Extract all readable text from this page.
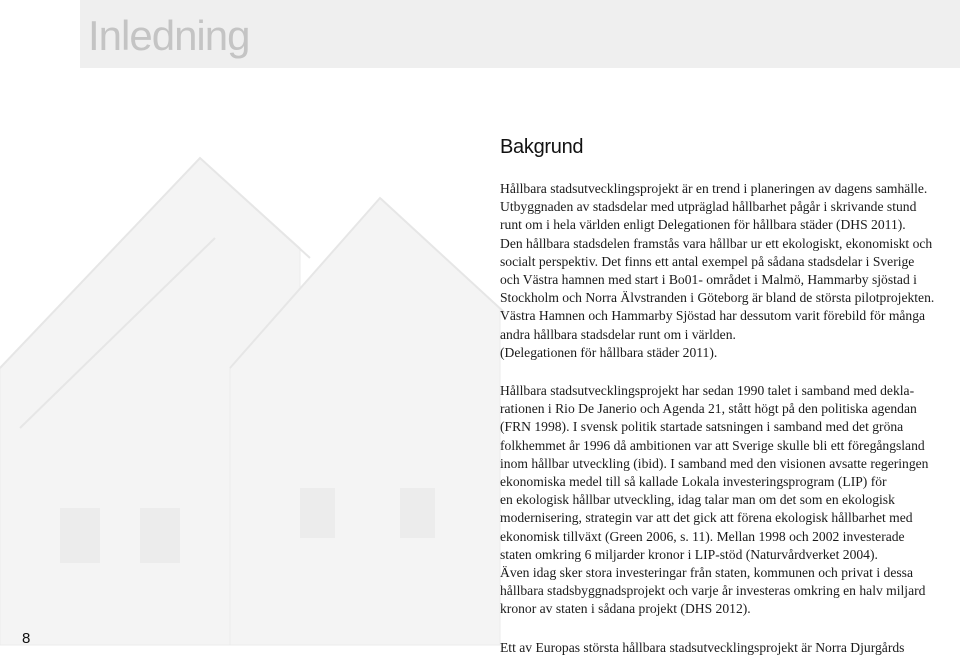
Inledning
Bakgrund

Hållbara stadsutvecklingsprojekt är en trend i planeringen av dagens samhälle.
Utbyggnaden av stadsdelar med utpräglad hållbarhet pågår i skrivande stund
runt om i hela världen enligt Delegationen för hållbara städer (DHS 2011).
Den hållbara stadsdelen framstås vara hållbar ur ett ekologiskt, ekonomiskt och
socialt perspektiv. Det finns ett antal exempel på sådana stadsdelar i Sverige
och Västra hamnen med start i Bo01- området i Malmö, Hammarby sjöstad i
Stockholm och Norra Älvstranden i Göteborg är bland de största pilotprojekten.
Västra Hamnen och Hammarby Sjöstad har dessutom varit förebild för många
andra hållbara stadsdelar runt om i världen.
(Delegationen för hållbara städer 2011).

Hållbara stadsutvecklingsprojekt har sedan 1990 talet i samband med dekla-
rationen i Rio De Janerio och Agenda 21, stått högt på den politiska agendan
(FRN 1998). I svensk politik startade satsningen i samband med det gröna
folkhemmet år 1996 då ambitionen var att Sverige skulle bli ett föregångsland
inom hållbar utveckling (ibid). I samband med den visionen avsatte regeringen
ekonomiska medel till så kallade Lokala investeringsprogram (LIP) för
en ekologisk hållbar utveckling, idag talar man om det som en ekologisk
modernisering, strategin var att det gick att förena ekologisk hållbarhet med
ekonomisk tillväxt (Green 2006, s. 11). Mellan 1998 och 2002 investerade
staten omkring 6 miljarder kronor i LIP-stöd (Naturvårdverket 2004).
Även idag sker stora investeringar från staten, kommunen och privat i dessa
hållbara stadsbyggnadsprojekt och varje år investeras omkring en halv miljard
kronor av staten i sådana projekt (DHS 2012).

Ett av Europas största hållbara stadsutvecklingsprojekt är Norra Djurgårds

8
